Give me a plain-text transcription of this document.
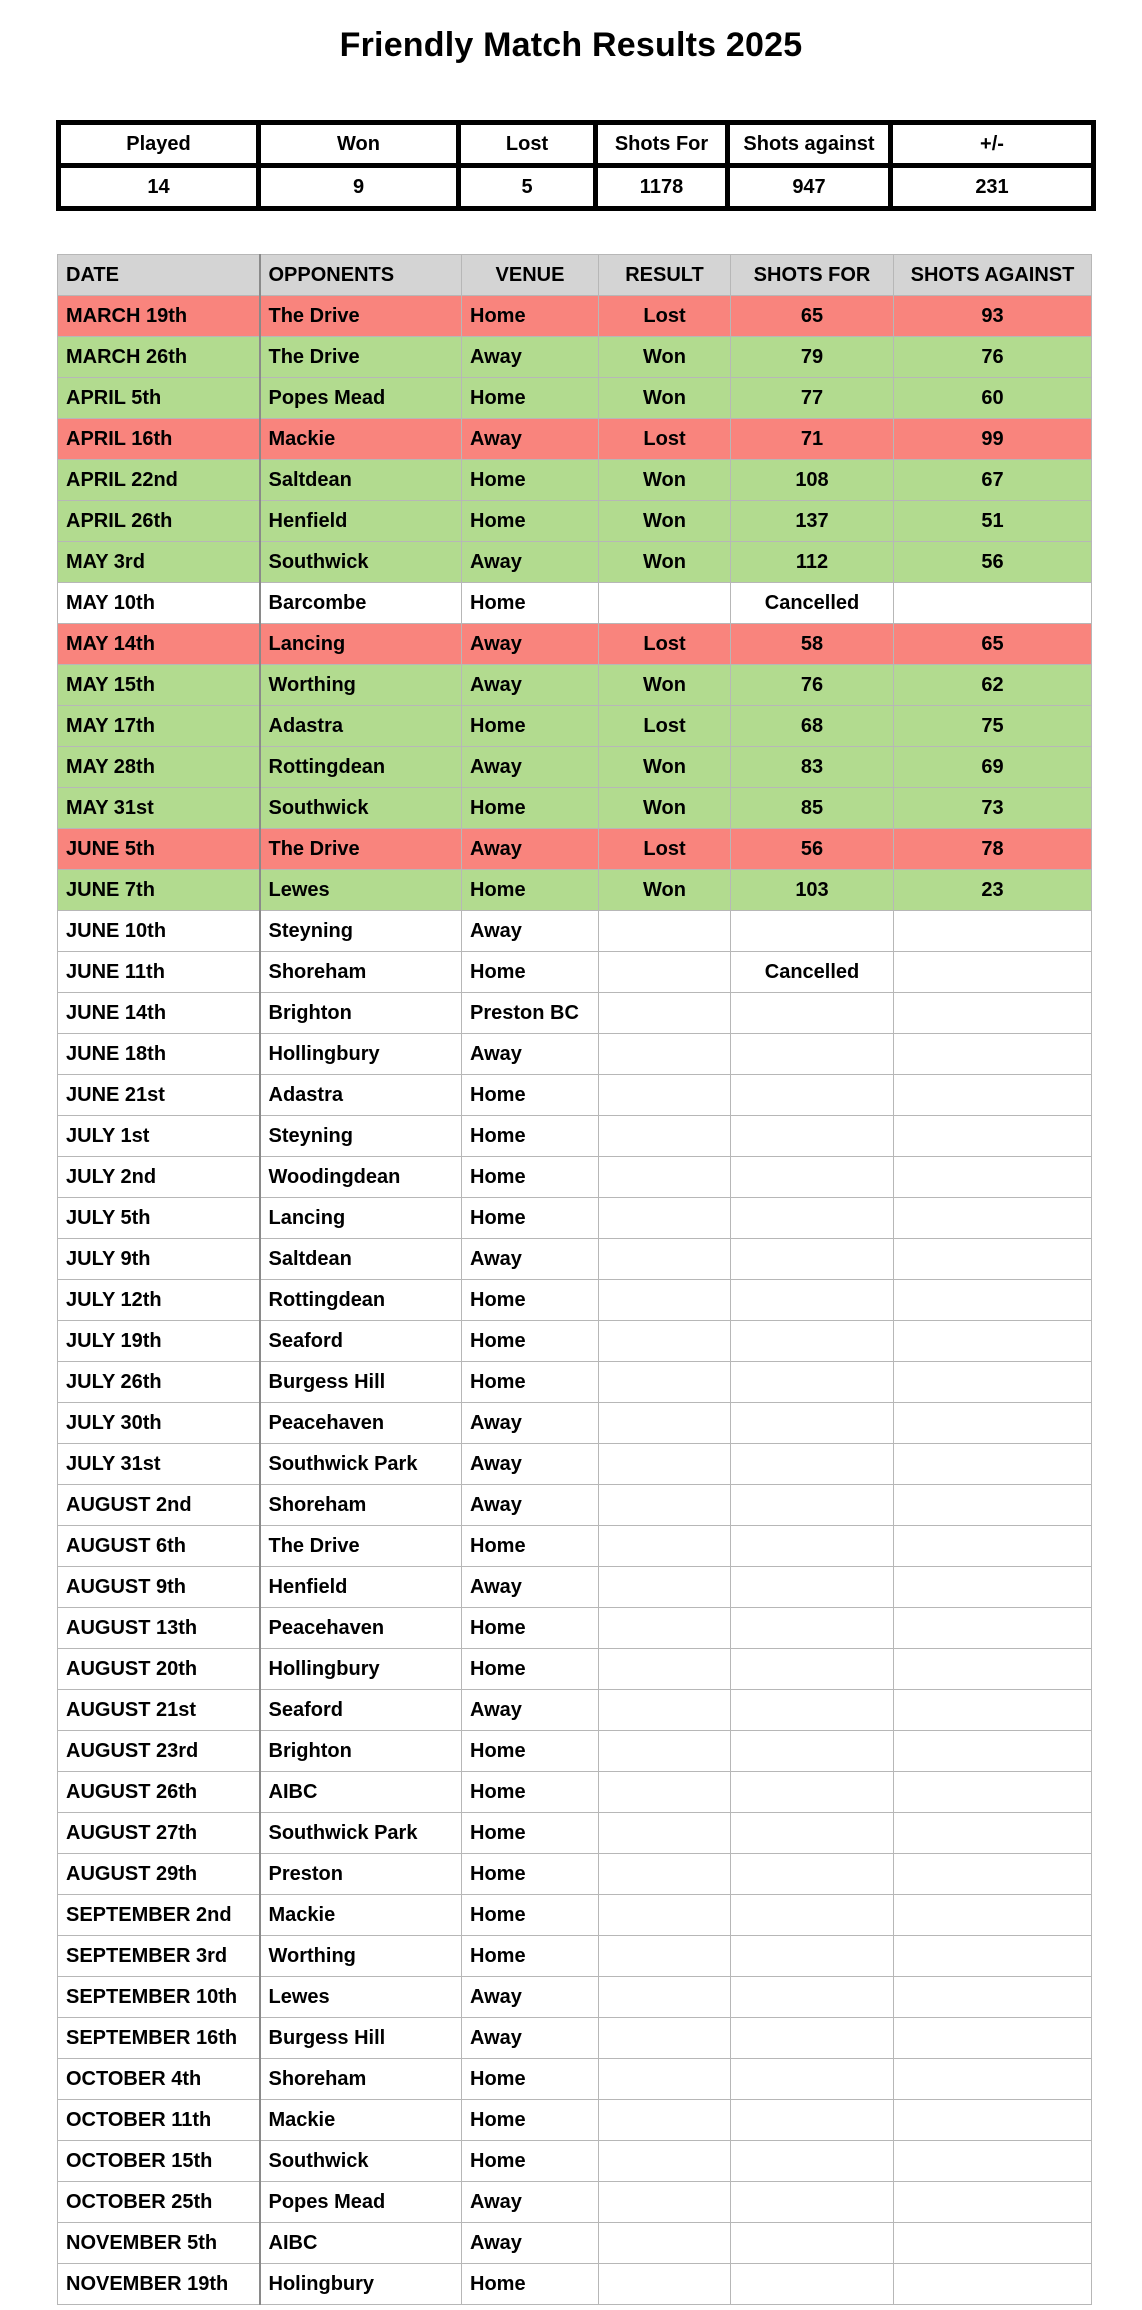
Friendly Match Results 2025
Played	Won	Lost	Shots For	Shots against	+/-
14	9	5	1178	947	231
DATE	OPPONENTS	VENUE	RESULT	SHOTS FOR	SHOTS AGAINST
MARCH 19th	The Drive	Home	Lost	65	93
MARCH 26th	The Drive	Away	Won	79	76
APRIL 5th	Popes Mead	Home	Won	77	60
APRIL 16th	Mackie	Away	Lost	71	99
APRIL 22nd	Saltdean	Home	Won	108	67
APRIL 26th	Henfield	Home	Won	137	51
MAY 3rd	Southwick	Away	Won	112	56
MAY 10th	Barcombe	Home		Cancelled	
MAY 14th	Lancing	Away	Lost	58	65
MAY 15th	Worthing	Away	Won	76	62
MAY 17th	Adastra	Home	Lost	68	75
MAY 28th	Rottingdean	Away	Won	83	69
MAY 31st	Southwick	Home	Won	85	73
JUNE 5th	The Drive	Away	Lost	56	78
JUNE 7th	Lewes	Home	Won	103	23
JUNE 10th	Steyning	Away			
JUNE 11th	Shoreham	Home		Cancelled	
JUNE 14th	Brighton	Preston BC			
JUNE 18th	Hollingbury	Away			
JUNE 21st	Adastra	Home			
JULY 1st	Steyning	Home			
JULY 2nd	Woodingdean	Home			
JULY 5th	Lancing	Home			
JULY 9th	Saltdean	Away			
JULY 12th	Rottingdean	Home			
JULY 19th	Seaford	Home			
JULY 26th	Burgess Hill	Home			
JULY 30th	Peacehaven	Away			
JULY 31st	Southwick Park	Away			
AUGUST 2nd	Shoreham	Away			
AUGUST 6th	The Drive	Home			
AUGUST 9th	Henfield	Away			
AUGUST 13th	Peacehaven	Home			
AUGUST 20th	Hollingbury	Home			
AUGUST 21st	Seaford	Away			
AUGUST 23rd	Brighton	Home			
AUGUST 26th	AIBC	Home			
AUGUST 27th	Southwick Park	Home			
AUGUST 29th	Preston	Home			
SEPTEMBER 2nd	Mackie	Home			
SEPTEMBER 3rd	Worthing	Home			
SEPTEMBER 10th	Lewes	Away			
SEPTEMBER 16th	Burgess Hill	Away			
OCTOBER 4th	Shoreham	Home			
OCTOBER 11th	Mackie	Home			
OCTOBER 15th	Southwick	Home			
OCTOBER 25th	Popes Mead	Away			
NOVEMBER 5th	AIBC	Away			
NOVEMBER 19th	Holingbury	Home			
